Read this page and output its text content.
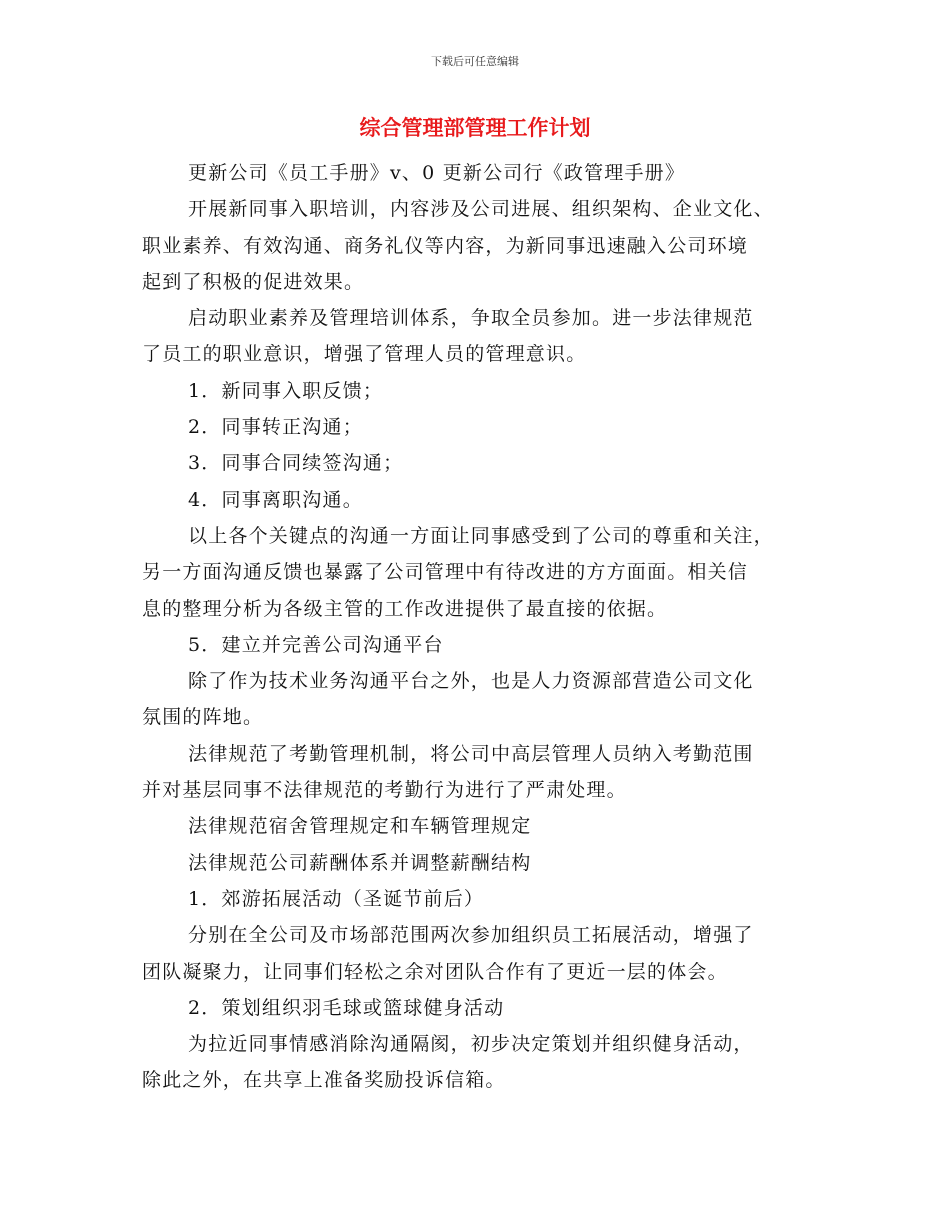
下载后可任意编辑
综合管理部管理工作计划

更新公司《员工手册》v、0 更新公司行《政管理手册》

开展新同事入职培训，内容涉及公司进展、组织架构、企业文化、

职业素养、有效沟通、商务礼仪等内容，为新同事迅速融入公司环境

起到了积极的促进效果。

启动职业素养及管理培训体系，争取全员参加。进一步法律规范

了员工的职业意识，增强了管理人员的管理意识。

1．新同事入职反馈；

2．同事转正沟通；

3．同事合同续签沟通；

4．同事离职沟通。

以上各个关键点的沟通一方面让同事感受到了公司的尊重和关注，

另一方面沟通反馈也暴露了公司管理中有待改进的方方面面。相关信

息的整理分析为各级主管的工作改进提供了最直接的依据。

5．建立并完善公司沟通平台

除了作为技术业务沟通平台之外，也是人力资源部营造公司文化

氛围的阵地。

法律规范了考勤管理机制，将公司中高层管理人员纳入考勤范围

并对基层同事不法律规范的考勤行为进行了严肃处理。

法律规范宿舍管理规定和车辆管理规定

法律规范公司薪酬体系并调整薪酬结构

1．郊游拓展活动（圣诞节前后）

分别在全公司及市场部范围两次参加组织员工拓展活动，增强了

团队凝聚力，让同事们轻松之余对团队合作有了更近一层的体会。

2．策划组织羽毛球或篮球健身活动

为拉近同事情感消除沟通隔阂，初步决定策划并组织健身活动，

除此之外，在共享上准备奖励投诉信箱。
